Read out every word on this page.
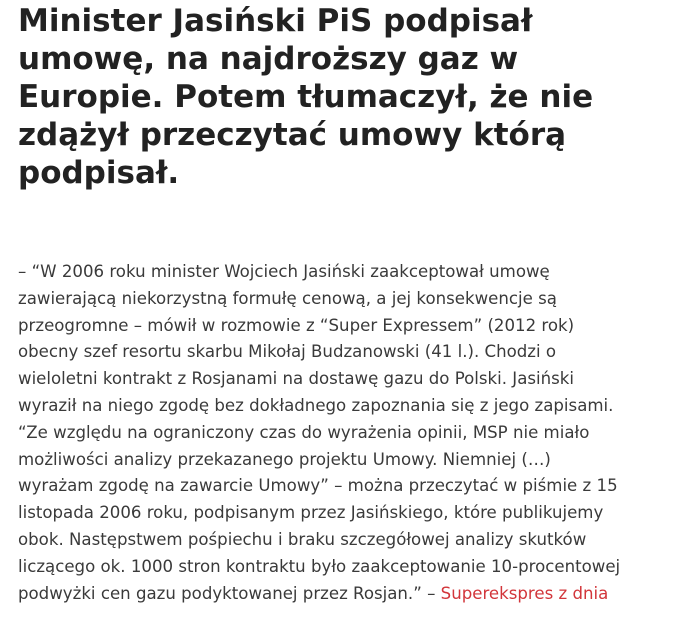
Minister Jasiński PiS podpisał
umowę, na najdroższy gaz w
Europie. Potem tłumaczył, że nie
zdążył przeczytać umowy którą
podpisał.
– “W 2006 roku minister Wojciech Jasiński zaakceptował umowę
zawierającą niekorzystną formułę cenową, a jej konsekwencje są
przeogromne – mówił w rozmowie z “Super Expressem” (2012 rok)
obecny szef resortu skarbu Mikołaj Budzanowski (41 l.). Chodzi o
wieloletni kontrakt z Rosjanami na dostawę gazu do Polski. Jasiński
wyraził na niego zgodę bez dokładnego zapoznania się z jego zapisami.
“Ze względu na ograniczony czas do wyrażenia opinii, MSP nie miało
możliwości analizy przekazanego projektu Umowy. Niemniej (…)
wyrażam zgodę na zawarcie Umowy” – można przeczytać w piśmie z 15
listopada 2006 roku, podpisanym przez Jasińskiego, które publikujemy
obok. Następstwem pośpiechu i braku szczegółowej analizy skutków
liczącego ok. 1000 stron kontraktu było zaakceptowanie 10-procentowej
podwyżki cen gazu podyktowanej przez Rosjan.” – Superekspres z dnia
